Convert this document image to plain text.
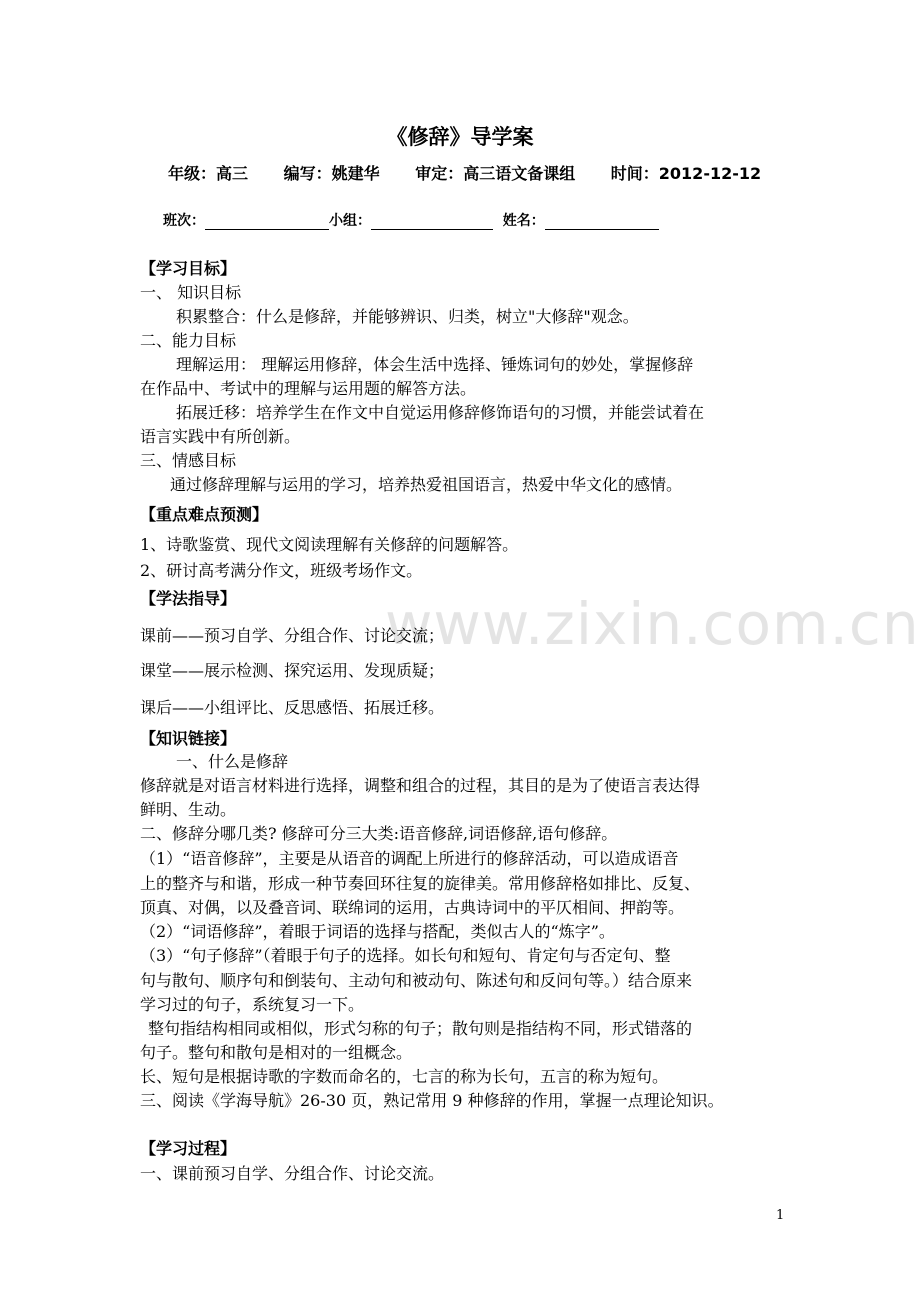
www.zixin.com.cn
《修辞》导学案
年级：高三 编写：姚建华 审定：高三语文备课组 时间：2012-12-12
班次：	小组：	姓名：
【学习目标】
一、 知识目标
积累整合：什么是修辞，并能够辨识、归类，树立"大修辞"观念。
二、能力目标
理解运用： 理解运用修辞，体会生活中选择、锤炼词句的妙处，掌握修辞
在作品中、考试中的理解与运用题的解答方法。
拓展迁移：培养学生在作文中自觉运用修辞修饰语句的习惯，并能尝试着在
语言实践中有所创新。
三、情感目标
通过修辞理解与运用的学习，培养热爱祖国语言，热爱中华文化的感情。
【重点难点预测】
1、诗歌鉴赏、现代文阅读理解有关修辞的问题解答。
2、研讨高考满分作文，班级考场作文。
【学法指导】
课前——预习自学、分组合作、讨论交流；
课堂——展示检测、探究运用、发现质疑；
课后——小组评比、反思感悟、拓展迁移。
【知识链接】
一、什么是修辞
修辞就是对语言材料进行选择，调整和组合的过程，其目的是为了使语言表达得
鲜明、生动。
二、修辞分哪几类? 修辞可分三大类:语音修辞,词语修辞,语句修辞。
（1）“语音修辞”，主要是从语音的调配上所进行的修辞活动，可以造成语音
上的整齐与和谐，形成一种节奏回环往复的旋律美。常用修辞格如排比、反复、
顶真、对偶，以及叠音词、联绵词的运用，古典诗词中的平仄相间、押韵等。
（2）“词语修辞”，着眼于词语的选择与搭配，类似古人的“炼字”。
（3）“句子修辞”（着眼于句子的选择。如长句和短句、肯定句与否定句、整
句与散句、顺序句和倒装句、主动句和被动句、陈述句和反问句等。）结合原来
学习过的句子，系统复习一下。
整句指结构相同或相似，形式匀称的句子；散句则是指结构不同，形式错落的
句子。整句和散句是相对的一组概念。
长、短句是根据诗歌的字数而命名的，七言的称为长句，五言的称为短句。
三、阅读《学海导航》26-30 页，熟记常用 9 种修辞的作用，掌握一点理论知识。
【学习过程】
一、课前预习自学、分组合作、讨论交流。
1
